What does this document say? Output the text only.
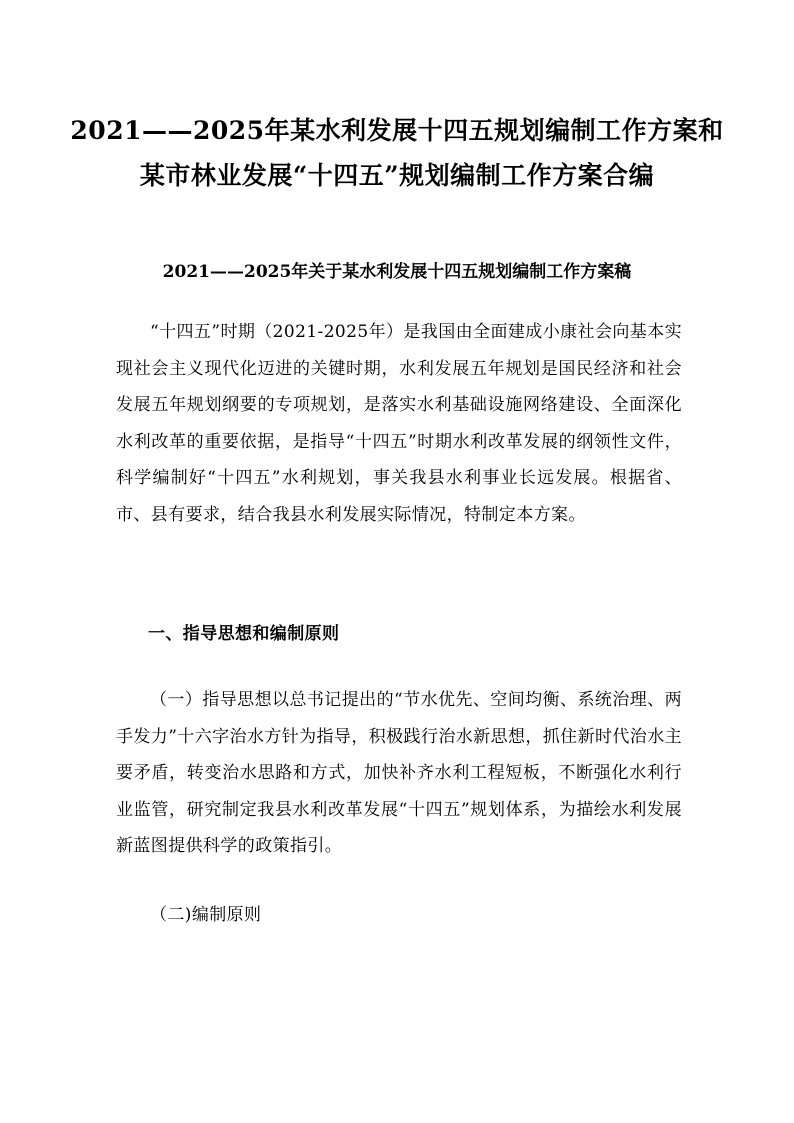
2021——2025年某水利发展十四五规划编制工作方案和某市林业发展“十四五”规划编制工作方案合编
2021——2025年关于某水利发展十四五规划编制工作方案稿

“十四五”时期（2021-2025年）是我国由全面建成小康社会向基本实现社会主义现代化迈进的关键时期，水利发展五年规划是国民经济和社会发展五年规划纲要的专项规划，是落实水利基础设施网络建设、全面深化水利改革的重要依据，是指导“十四五”时期水利改革发展的纲领性文件，科学编制好“十四五”水利规划，事关我县水利事业长远发展。根据省、市、县有要求，结合我县水利发展实际情况，特制定本方案。

一、指导思想和编制原则

（一）指导思想以总书记提出的“节水优先、空间均衡、系统治理、两手发力”十六字治水方针为指导，积极践行治水新思想，抓住新时代治水主要矛盾，转变治水思路和方式，加快补齐水利工程短板，不断强化水利行业监管，研究制定我县水利改革发展“十四五”规划体系，为描绘水利发展新蓝图提供科学的政策指引。

（二)编制原则
